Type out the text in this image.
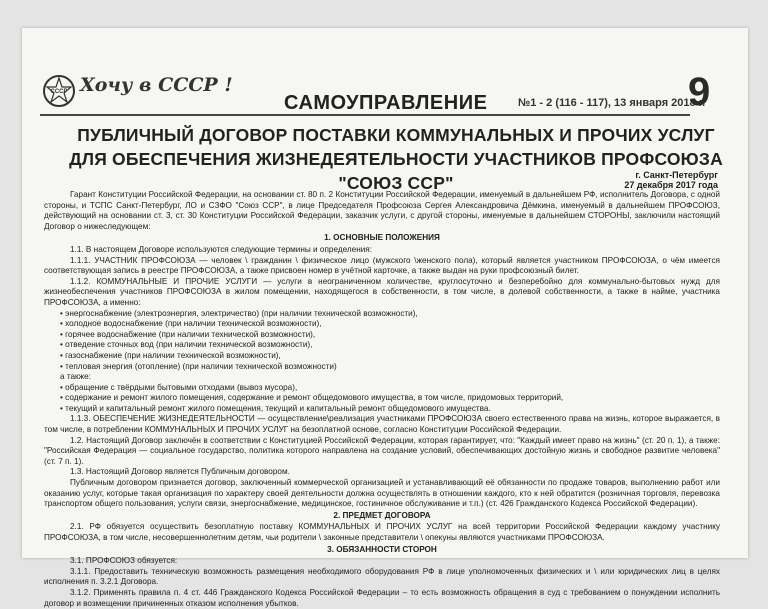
СССР Хочу в СССР !
САМОУПРАВЛЕНИЕ	№1 - 2 (116 - 117), 13 января 2018 г.
9
ПУБЛИЧНЫЙ ДОГОВОР ПОСТАВКИ КОММУНАЛЬНЫХ И ПРОЧИХ УСЛУГ ДЛЯ ОБЕСПЕЧЕНИЯ ЖИЗНЕДЕЯТЕЛЬНОСТИ УЧАСТНИКОВ ПРОФСОЮЗА "СОЮЗ ССР"	г. Санкт-Петербург
27 декабря 2017 года

Гарант Конституции Российской Федерации, на основании ст. 80 п. 2 Конституции Российской Федерации, именуемый в дальнейшем РФ, исполнитель Договора, с одной стороны, и ТСПС Санкт-Петербург, ЛО и СЗФО "Союз ССР", в лице Председателя Профсоюза Сергея Александровича Дёмкина, именуемый в дальнейшем ПРОФСОЮЗ, действующий на основании ст. 3, ст. 30 Конституции Российской Федерации, заказчик услуги, с другой стороны, именуемые в дальнейшем СТОРОНЫ, заключили настоящий Договор о нижеследующем:

1. ОСНОВНЫЕ ПОЛОЖЕНИЯ

1.1. В настоящем Договоре используются следующие термины и определения:

1.1.1. УЧАСТНИК ПРОФСОЮЗА — человек \ гражданин \ физическое лицо (мужского \женского пола), который является участником ПРОФСОЮЗА, о чём имеется соответствующая запись в реестре ПРОФСОЮЗА, а также присвоен номер в учётной карточке, а также выдан на руки профсоюзный билет.

1.1.2. КОММУНАЛЬНЫЕ И ПРОЧИЕ УСЛУГИ — услуги в неограниченном количестве, круглосуточно и безперебойно для коммунально-бытовых нужд для жизнеобеспечения участников ПРОФСОЮЗА в жилом помещении, находящегося в собственности, в том числе, в долевой собственности, а также в найме, участника ПРОФСОЮЗА, а именно:

• энергоснабжение (электроэнергия, электричество) (при наличии технической возможности),

• холодное водоснабжение (при наличии технической возможности),

• горячее водоснабжение (при наличии технической возможности),

• отведение сточных вод (при наличии технической возможности),

• газоснабжение (при наличии технической возможности),

• тепловая энергия (отопление) (при наличии технической возможности)

а также:

• обращение с твёрдыми бытовыми отходами (вывоз мусора),

• содержание и ремонт жилого помещения, содержание и ремонт общедомового имущества, в том числе, придомовых территорий,

• текущий и капитальный ремонт жилого помещения, текущий и капитальный ремонт общедомового имущества.

1.1.3. ОБЕСПЕЧЕНИЕ ЖИЗНЕДЕЯТЕЛЬНОСТИ — осуществление\реализация участниками ПРОФСОЮЗА своего естественного права на жизнь, которое выражается, в том числе, в потреблении КОММУНАЛЬНЫХ И ПРОЧИХ УСЛУГ на безоплатной основе, согласно Конституции Российской Федерации.

1.2. Настоящий Договор заключён в соответствии с Конституцией Российской Федерации, которая гарантирует, что: "Каждый имеет право на жизнь" (ст. 20 п. 1), а также: "Российская Федерация — социальное государство, политика которого направлена на создание условий, обеспечивающих достойную жизнь и свободное развитие человека" (ст. 7 п. 1).

1.3. Настоящий Договор является Публичным договором.

Публичным договором признается договор, заключенный коммерческой организацией и устанавливающий её обязанности по продаже товаров, выполнению работ или оказанию услуг, которые такая организация по характеру своей деятельности должна осуществлять в отношении каждого, кто к ней обратится (розничная торговля, перевозка транспортом общего пользования, услуги связи, энергоснабжение, медицинское, гостиничное обслуживание и т.п.) (ст. 426 Гражданского Кодекса Российской Федерации).

2. ПРЕДМЕТ ДОГОВОРА

2.1. РФ обязуется осуществить безоплатную поставку КОММУНАЛЬНЫХ И ПРОЧИХ УСЛУГ на всей территории Российской Федерации каждому участнику ПРОФСОЮЗА, в том числе, несовершеннолетним детям, чьи родители \ законные представители \ опекуны являются участниками ПРОФСОЮЗА.

3. ОБЯЗАННОСТИ СТОРОН

3.1. ПРОФСОЮЗ обязуется:

3.1.1. Предоставить техническую возможность размещения необходимого оборудования РФ в лице уполномоченных физических и \ или юридических лиц в целях исполнения п. 3.2.1 Договора.

3.1.2. Применять правила п. 4 ст. 446 Гражданского Кодекса Российской Федерации – то есть возможность обращения в суд с требованием о понуждении исполнить договор и возмещении причиненных отказом исполнения убытков.
